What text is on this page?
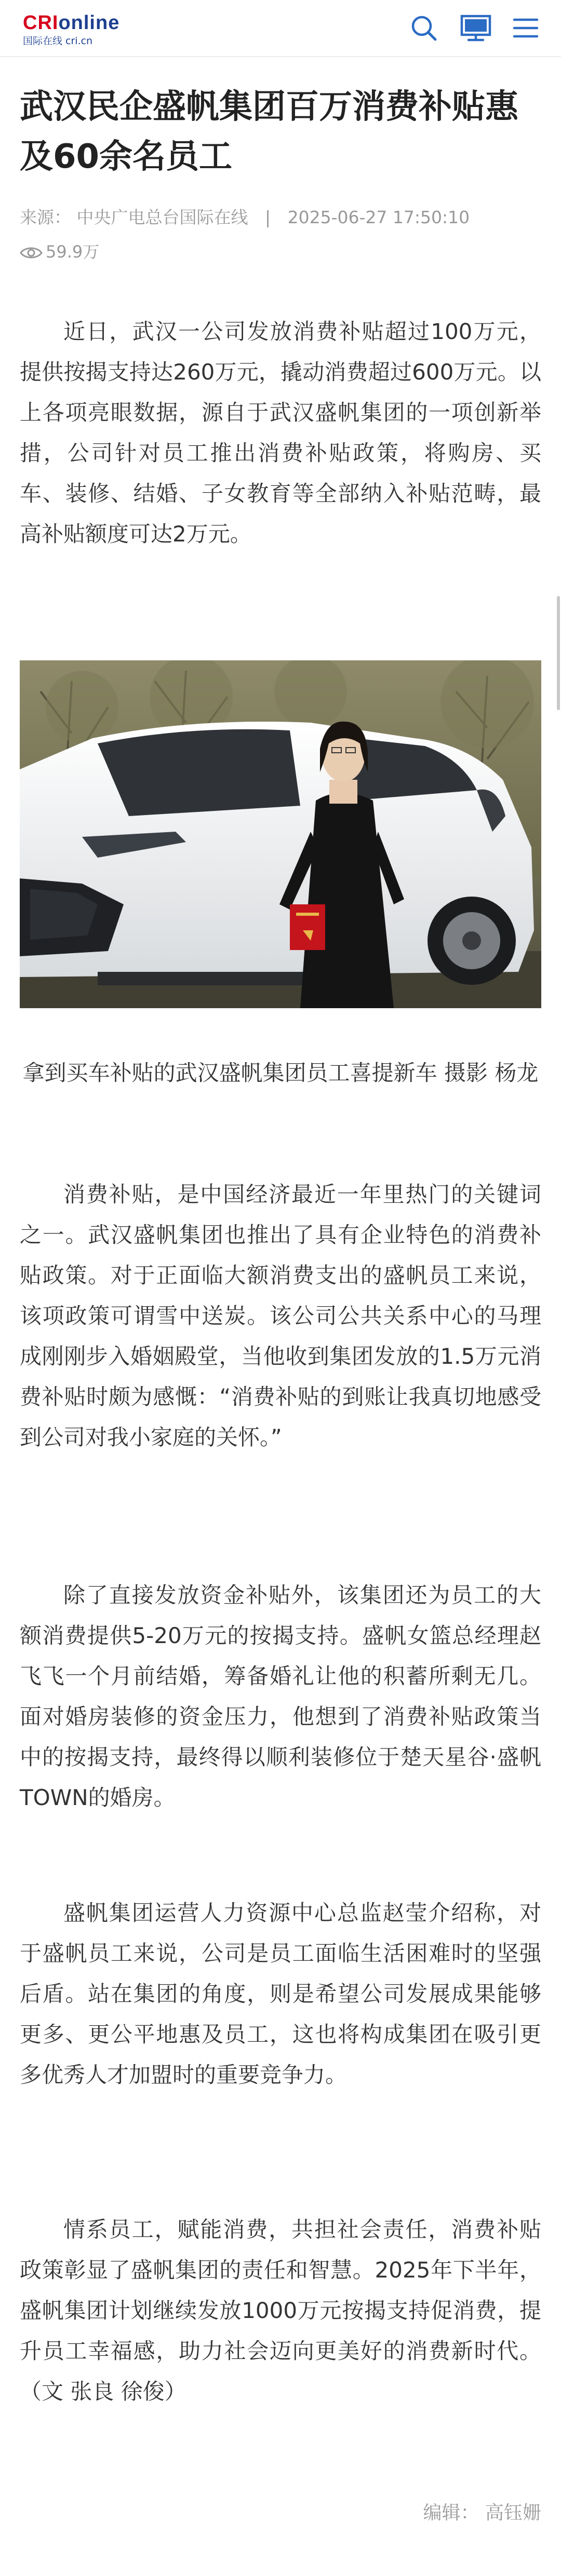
CRIonline
国际在线 cri.cn
武汉民企盛帆集团百万消费补贴惠及60余名员工
来源： 中央广电总台国际在线 | 2025-06-27 17:50:10
59.9万

近日，武汉一公司发放消费补贴超过100万元，提供按揭支持达260万元，撬动消费超过600万元。以上各项亮眼数据，源自于武汉盛帆集团的一项创新举措，公司针对员工推出消费补贴政策，将购房、买车、装修、结婚、子女教育等全部纳入补贴范畴，最高补贴额度可达2万元。

拿到买车补贴的武汉盛帆集团员工喜提新车 摄影 杨龙

消费补贴，是中国经济最近一年里热门的关键词之一。武汉盛帆集团也推出了具有企业特色的消费补贴政策。对于正面临大额消费支出的盛帆员工来说，该项政策可谓雪中送炭。该公司公共关系中心的马理成刚刚步入婚姻殿堂，当他收到集团发放的1.5万元消费补贴时颇为感慨：“消费补贴的到账让我真切地感受到公司对我小家庭的关怀。”

除了直接发放资金补贴外，该集团还为员工的大额消费提供5-20万元的按揭支持。盛帆女篮总经理赵飞飞一个月前结婚，筹备婚礼让他的积蓄所剩无几。面对婚房装修的资金压力，他想到了消费补贴政策当中的按揭支持，最终得以顺利装修位于楚天星谷·盛帆TOWN的婚房。

盛帆集团运营人力资源中心总监赵莹介绍称，对于盛帆员工来说，公司是员工面临生活困难时的坚强后盾。站在集团的角度，则是希望公司发展成果能够更多、更公平地惠及员工，这也将构成集团在吸引更多优秀人才加盟时的重要竞争力。

情系员工，赋能消费，共担社会责任，消费补贴政策彰显了盛帆集团的责任和智慧。2025年下半年，盛帆集团计划继续发放1000万元按揭支持促消费，提升员工幸福感，助力社会迈向更美好的消费新时代。（文 张良 徐俊）

编辑： 高钰姗
